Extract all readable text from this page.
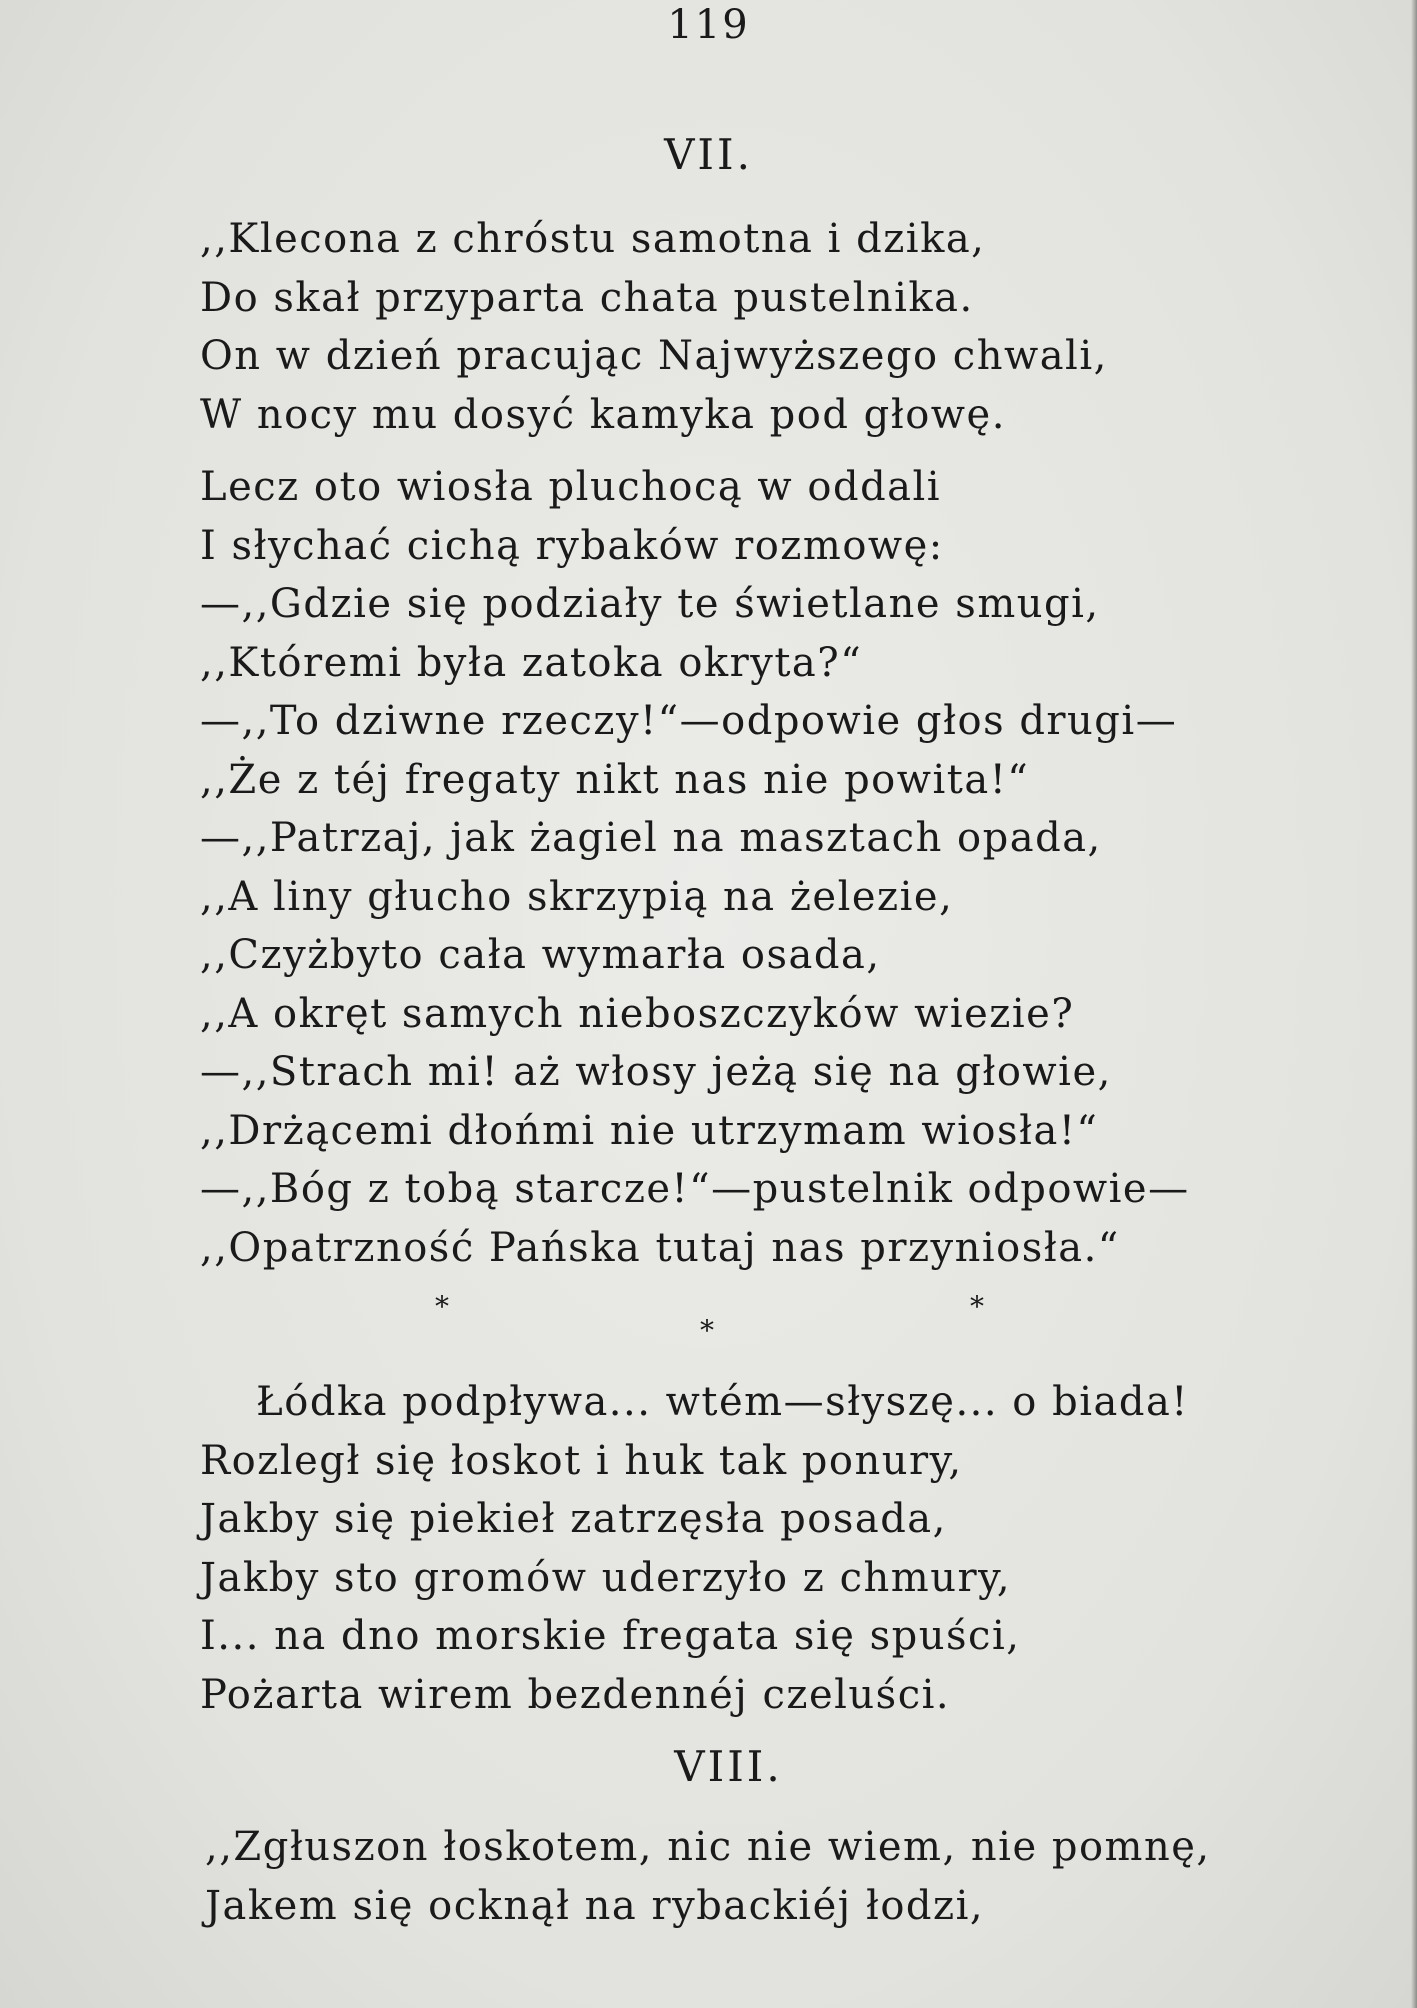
119
VII.
,,Klecona z chróstu samotna i dzika,
Do skał przyparta chata pustelnika.
On w dzień pracując Najwyższego chwali,
W nocy mu dosyć kamyka pod głowę.
Lecz oto wiosła pluchocą w oddali
I słychać cichą rybaków rozmowę:
—,,Gdzie się podziały te świetlane smugi,
,,Któremi była zatoka okryta?“
—,,To dziwne rzeczy!“—odpowie głos drugi—
,,Że z téj fregaty nikt nas nie powita!“
—,,Patrzaj, jak żagiel na masztach opada,
,,A liny głucho skrzypią na żelezie,
,,Czyżbyto cała wymarła osada,
,,A okręt samych nieboszczyków wiezie?
—,,Strach mi! aż włosy jeżą się na głowie,
,,Drżącemi dłońmi nie utrzymam wiosła!“
—,,Bóg z tobą starcze!“—pustelnik odpowie—
,,Opatrzność Pańska tutaj nas przyniosła.“
*
*
*
Łódka podpływa... wtém—słyszę... o biada!
Rozległ się łoskot i huk tak ponury,
Jakby się piekieł zatrzęsła posada,
Jakby sto gromów uderzyło z chmury,
I... na dno morskie fregata się spuści,
Pożarta wirem bezdennéj czeluści.
VIII.
,,Zgłuszon łoskotem, nic nie wiem, nie pomnę,
Jakem się ocknął na rybackiéj łodzi,
